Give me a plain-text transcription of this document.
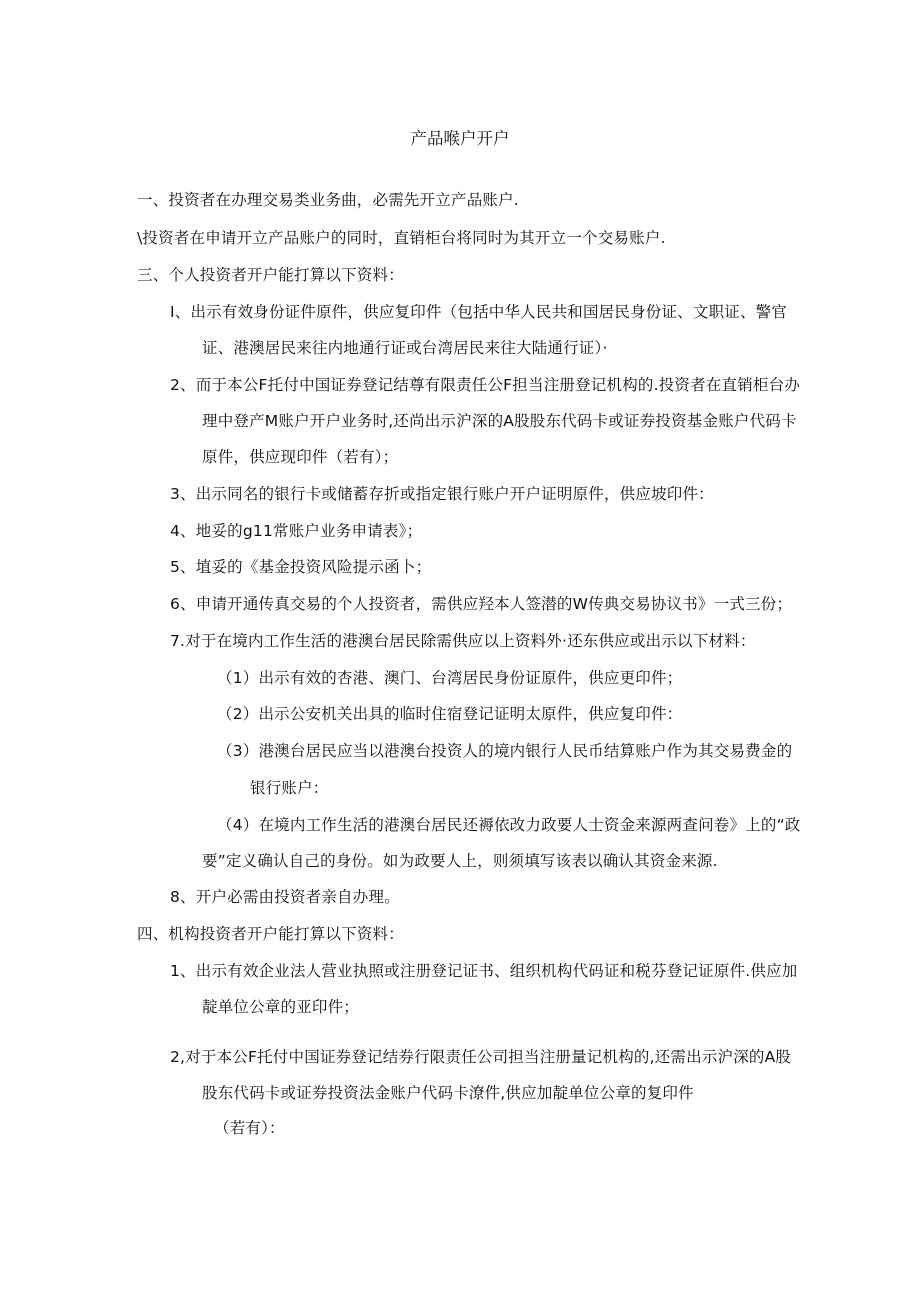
产品喉户开户
一、投资者在办理交易类业务曲，必需先开立产品账户.
\投资者在申请开立产品账户的同时，直销柜台将同时为其开立一个交易账户.
三、个人投资者开户能打算以下资料：
I、出示有效身份证件原件，供应复印件（包括中华人民共和国居民身份证、文职证、警官
证、港澳居民来往内地通行证或台湾居民来往大陆通行证）·
2、而于本公F托付中国证券登记结尊有限责任公F担当注册登记机构的.投资者在直销柜台办
理中登产M账户开户业务时,还尚出示沪深的A股股东代码卡或证券投资基金账户代码卡
原件，供应现印件（若有）；
3、出示同名的银行卡或储蓄存折或指定银行账户开户证明原件，供应坡印件：
4、地妥的g11常账户业务申请表》；
5、埴妥的《基金投资风险提示函卜；
6、申请开通传真交易的个人投资者，需供应羟本人签潜的W传典交易协议书》一式三份；
7.对于在境内工作生活的港澳台居民除需供应以上资料外·还东供应或出示以下材料：
（1）出示有效的杏港、澳门、台湾居民身份证原件，供应更印件；
（2）出示公安机关出具的临时住宿登记证明太原件，供应复印件：
（3）港澳台居民应当以港澳台投资人的境内银行人民币结算账户作为其交易费金的
银行账户：
（4）在境内工作生活的港澳台居民还褥依改力政要人士资金来源两查问卷》上的“政
要”定义确认自己的身份。如为政要人上，则须填写该表以确认其资金来源.
8、开户必需由投资者亲自办理。
四、机构投资者开户能打算以下资料：
1、出示有效企业法人营业执照或注册登记证书、组织机构代码证和税芬登记证原件.供应加
靛单位公章的亚印件；
2,对于本公F托付中国证券登记结券行限责任公司担当注册量记机构的,还需出示沪深的A股
股东代码卡或证券投资法金账户代码卡潦件,供应加靛单位公章的复印件
（若有）：
